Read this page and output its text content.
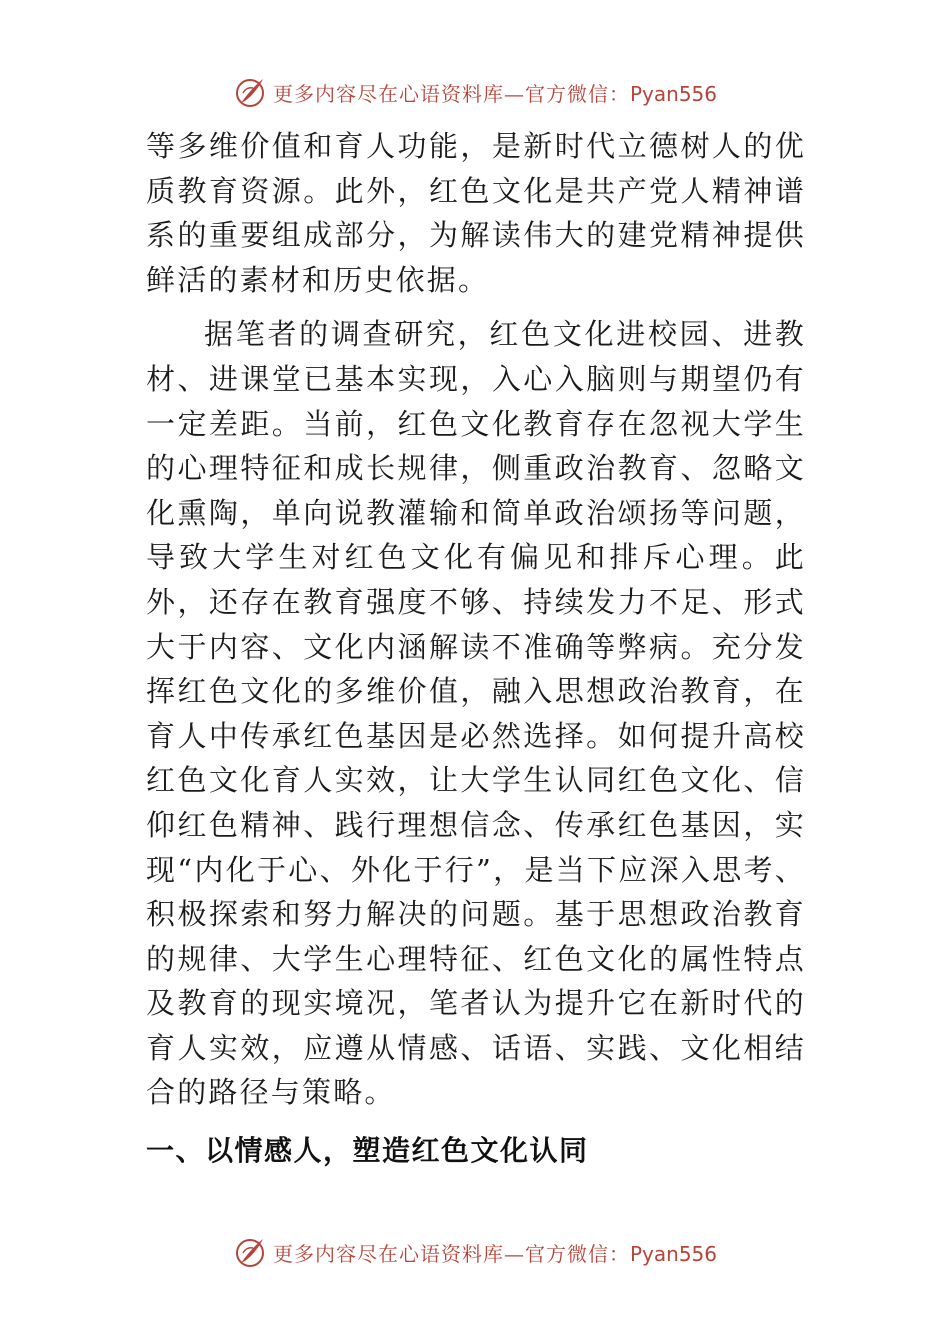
更多内容尽在心语资料库—官方微信：Pyan556

等多维价值和育人功能，是新时代立德树人的优质教育资源。此外，红色文化是共产党人精神谱系的重要组成部分，为解读伟大的建党精神提供鲜活的素材和历史依据。

据笔者的调查研究，红色文化进校园、进教材、进课堂已基本实现，入心入脑则与期望仍有一定差距。当前，红色文化教育存在忽视大学生的心理特征和成长规律，侧重政治教育、忽略文化熏陶，单向说教灌输和简单政治颂扬等问题，导致大学生对红色文化有偏见和排斥心理。此外，还存在教育强度不够、持续发力不足、形式大于内容、文化内涵解读不准确等弊病。充分发挥红色文化的多维价值，融入思想政治教育，在育人中传承红色基因是必然选择。如何提升高校红色文化育人实效，让大学生认同红色文化、信仰红色精神、践行理想信念、传承红色基因，实现“内化于心、外化于行”，是当下应深入思考、积极探索和努力解决的问题。基于思想政治教育的规律、大学生心理特征、红色文化的属性特点及教育的现实境况，笔者认为提升它在新时代的育人实效，应遵从情感、话语、实践、文化相结合的路径与策略。

一、以情感人，塑造红色文化认同
更多内容尽在心语资料库—官方微信：Pyan556
